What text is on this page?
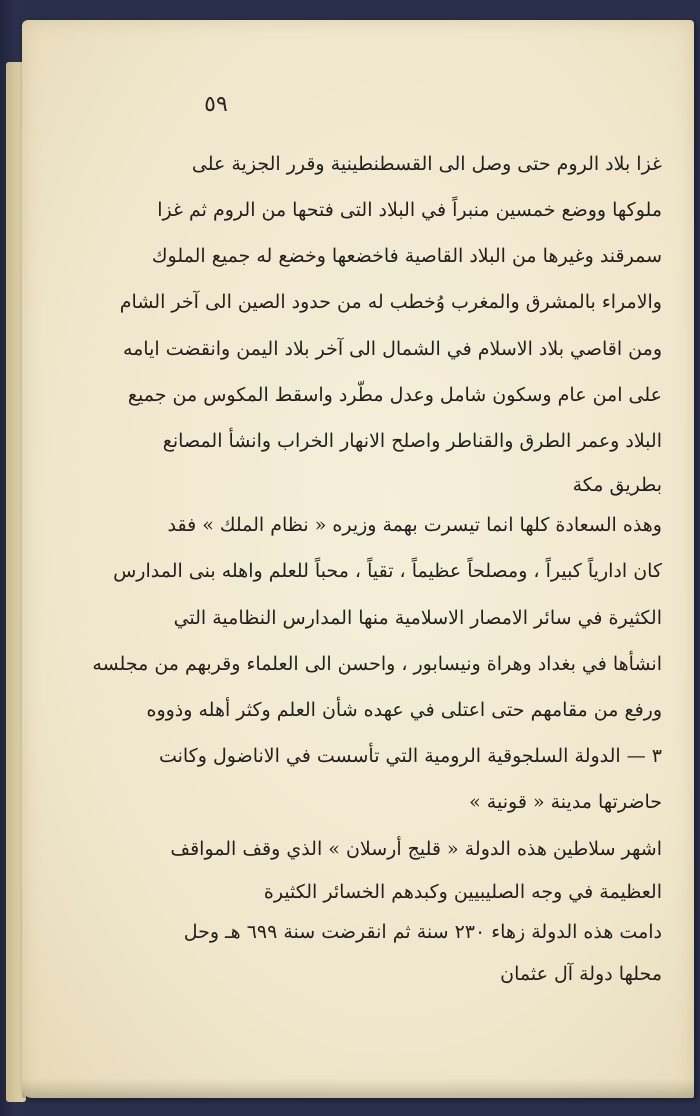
٥٩
غزا بلاد الروم حتى وصل الى القسطنطينية وقرر الجزية على
ملوكها ووضع خمسين منبراً في البلاد التى فتحها من الروم ثم غزا
سمرقند وغيرها من البلاد القاصية فاخضعها وخضع له جميع الملوك
والامراء بالمشرق والمغرب وُخطب له من حدود الصين الى آخر الشام
ومن اقاصي بلاد الاسلام في الشمال الى آخر بلاد اليمن وانقضت ايامه
على امن عام وسكون شامل وعدل مطّرد واسقط المكوس من جميع
البلاد وعمر الطرق والقناطر واصلح الانهار الخراب وانشأ المصانع
بطريق مكة
وهذه السعادة كلها انما تيسرت بهمة وزيره « نظام الملك » فقد
كان ادارياً كبيراً ، ومصلحاً عظيماً ، تقياً ، محباً للعلم واهله بنى المدارس
الكثيرة في سائر الامصار الاسلامية منها المدارس النظامية التي
انشأها في بغداد وهراة ونيسابور ، واحسن الى العلماء وقربهم من مجلسه
ورفع من مقامهم حتى اعتلى في عهده شأن العلم وكثر أهله وذووه
٣ — الدولة السلجوقية الرومية التي تأسست في الاناضول وكانت
حاضرتها مدينة « قونية »
اشهر سلاطين هذه الدولة « قليج أرسلان » الذي وقف المواقف
العظيمة في وجه الصليبيين وكبدهم الخسائر الكثيرة
دامت هذه الدولة زهاء ٢٣٠ سنة ثم انقرضت سنة ٦٩٩ هـ وحل
محلها دولة آل عثمان
